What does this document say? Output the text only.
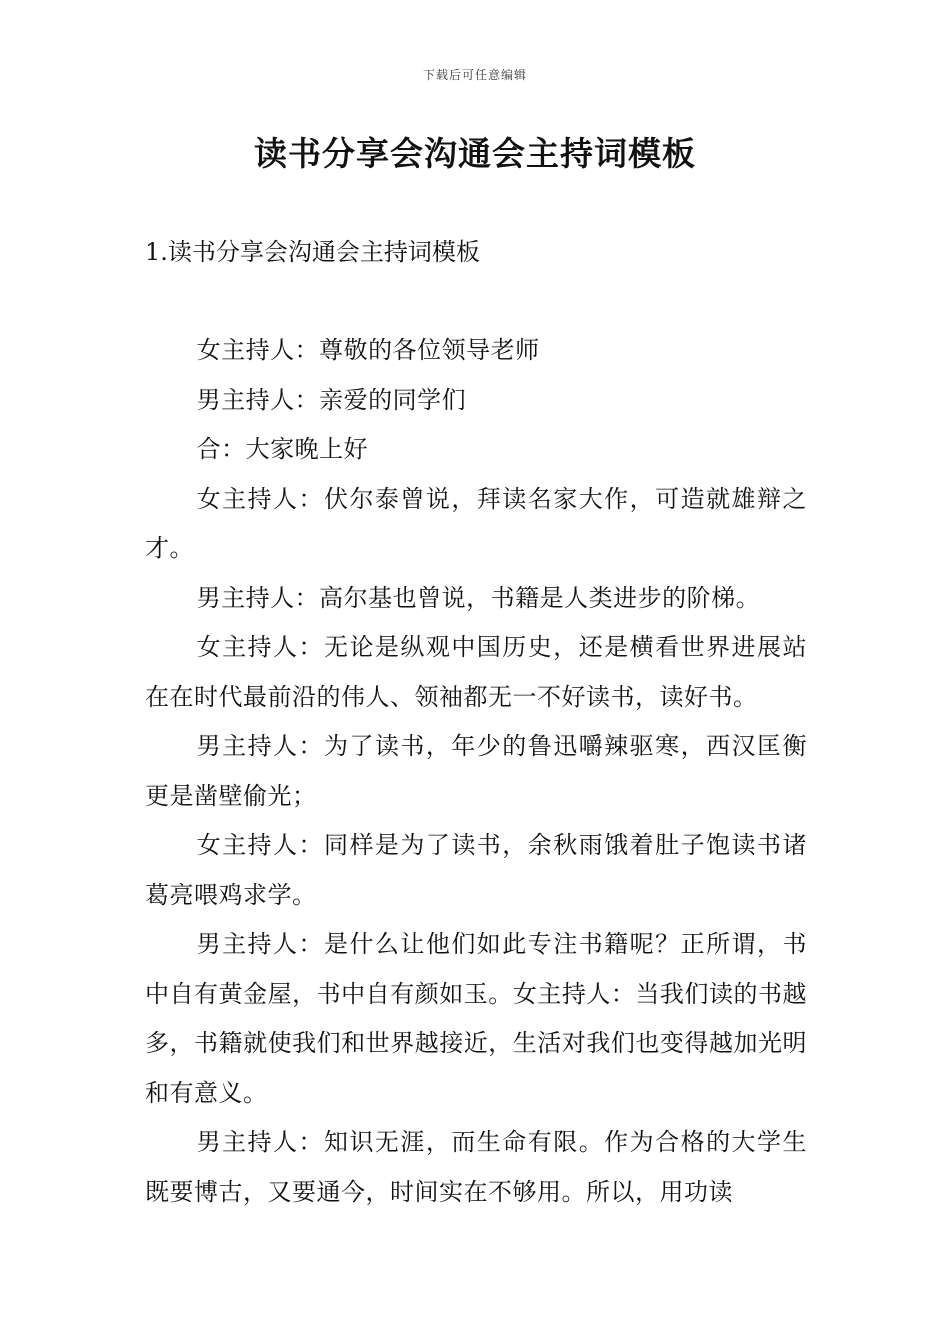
下载后可任意编辑
读书分享会沟通会主持词模板
1.读书分享会沟通会主持词模板

女主持人：尊敬的各位领导老师

男主持人：亲爱的同学们

合：大家晚上好

女主持人：伏尔泰曾说，拜读名家大作，可造就雄辩之才。

男主持人：高尔基也曾说，书籍是人类进步的阶梯。

女主持人：无论是纵观中国历史，还是横看世界进展站在在时代最前沿的伟人、领袖都无一不好读书，读好书。

男主持人：为了读书，年少的鲁迅嚼辣驱寒，西汉匡衡更是凿壁偷光；

女主持人：同样是为了读书，余秋雨饿着肚子饱读书诸葛亮喂鸡求学。

男主持人：是什么让他们如此专注书籍呢？正所谓，书中自有黄金屋，书中自有颜如玉。女主持人：当我们读的书越多，书籍就使我们和世界越接近，生活对我们也变得越加光明和有意义。

男主持人：知识无涯，而生命有限。作为合格的大学生既要博古，又要通今，时间实在不够用。所以，用功读
